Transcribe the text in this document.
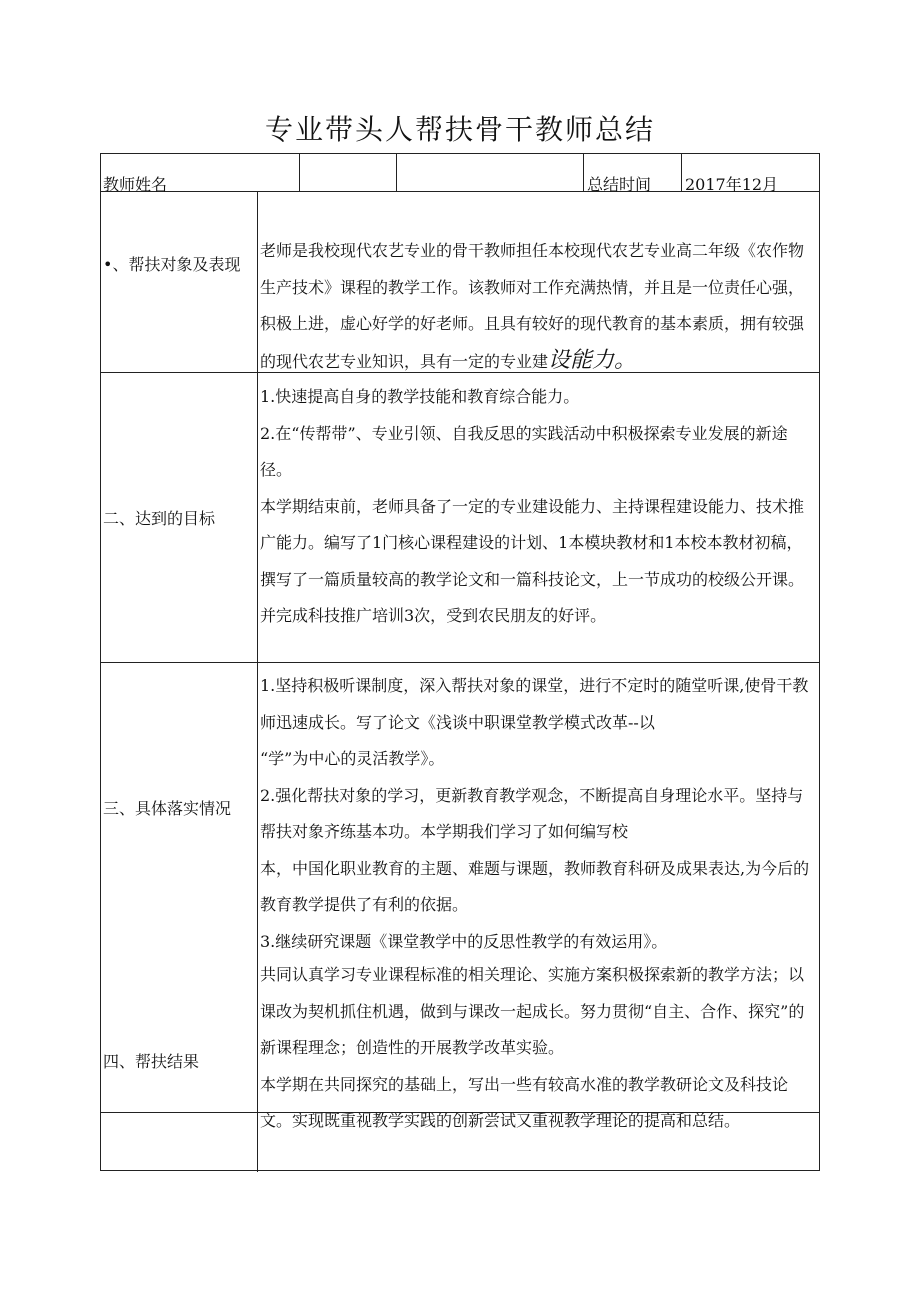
专业带头人帮扶骨干教师总结
教师姓名	总结时间 2017年12月
•、帮扶对象及表现

老师是我校现代农艺专业的骨干教师担任本校现代农艺专业高二年级《农作物生产技术》课程的教学工作。该教师对工作充满热情，并且是一位责任心强，积极上进，虚心好学的好老师。且具有较好的现代教育的基本素质，拥有较强的现代农艺专业知识，具有一定的专业建设能力。

二、达到的目标

1.快速提高自身的教学技能和教育综合能力。

2.在“传帮带”、专业引领、自我反思的实践活动中积极探索专业发展的新途径。

本学期结束前，老师具备了一定的专业建设能力、主持课程建设能力、技术推广能力。编写了1门核心课程建设的计划、1本模块教材和1本校本教材初稿，撰写了一篇质量较高的教学论文和一篇科技论文，上一节成功的校级公开课。并完成科技推广培训3次，受到农民朋友的好评。

三、具体落实情况

1.坚持积极听课制度，深入帮扶对象的课堂，进行不定时的随堂听课,使骨干教师迅速成长。写了论文《浅谈中职课堂教学模式改革--以

“学”为中心的灵活教学》。

2.强化帮扶对象的学习，更新教育教学观念，不断提高自身理论水平。坚持与帮扶对象齐练基本功。本学期我们学习了如何编写校

本，中国化职业教育的主题、难题与课题，教师教育科研及成果表达,为今后的教育教学提供了有利的依据。

3.继续研究课题《课堂教学中的反思性教学的有效运用》。

四、帮扶结果

共同认真学习专业课程标准的相关理论、实施方案积极探索新的教学方法；以课改为契机抓住机遇，做到与课改一起成长。努力贯彻“自主、合作、探究”的新课程理念；创造性的开展教学改革实验。

本学期在共同探究的基础上，写出一些有较高水准的教学教研论文及科技论文。实现既重视教学实践的创新尝试又重视教学理论的提高和总结。
